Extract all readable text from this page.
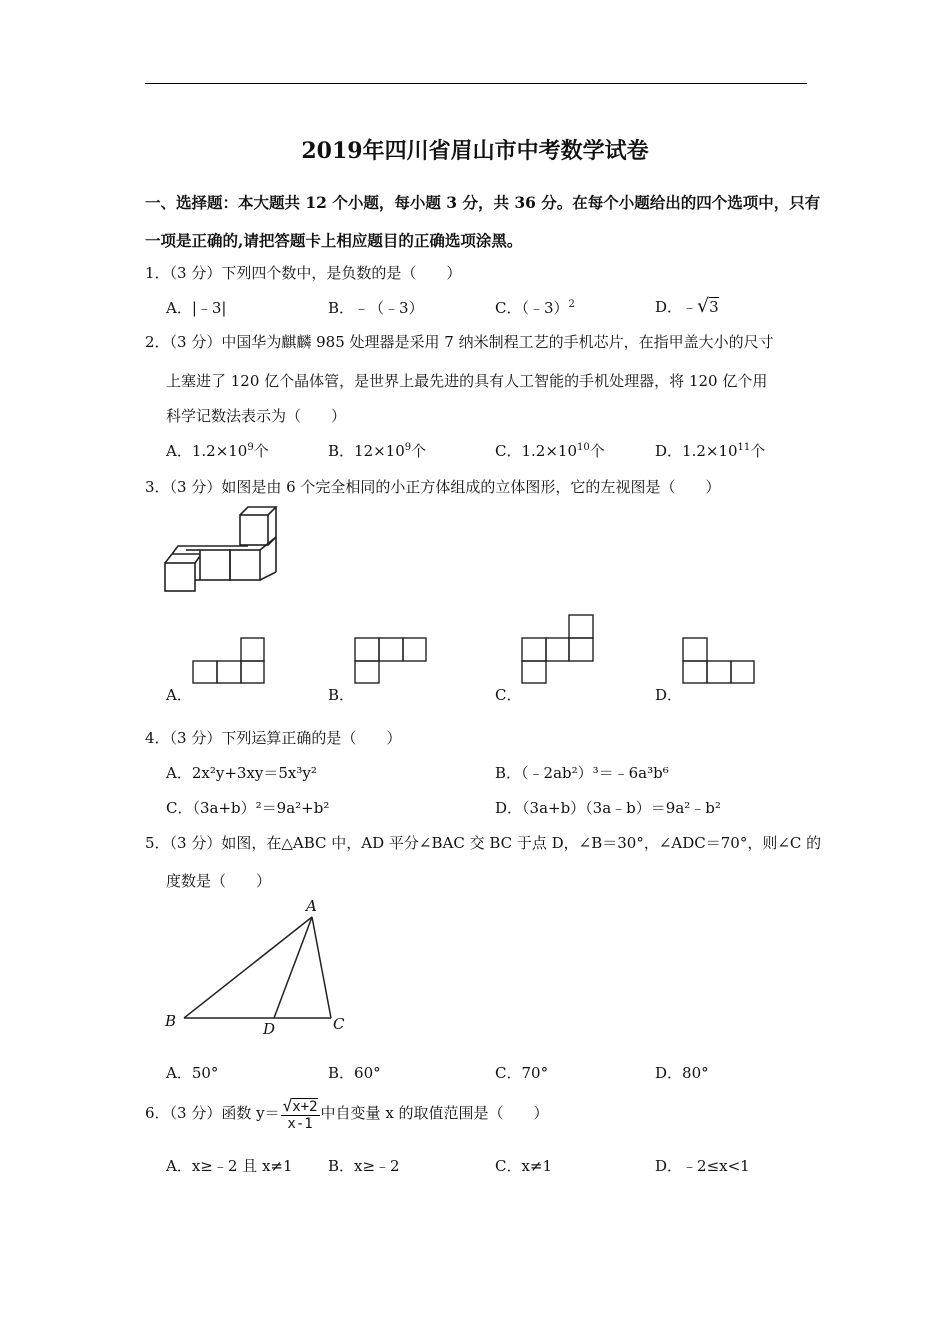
2019年四川省眉山市中考数学试卷
一、选择题：本大题共 12 个小题，每小题 3 分，共 36 分。在每个小题给出的四个选项中，只有
一项是正确的,请把答题卡上相应题目的正确选项涂黑。
1．（3 分）下列四个数中，是负数的是（　　）
A．|﹣3|	B．﹣（﹣3）	C．（﹣3）$^2$	D．﹣√3
2．（3 分）中国华为麒麟 985 处理器是采用 7 纳米制程工艺的手机芯片，在指甲盖大小的尺寸
上塞进了 120 亿个晶体管，是世界上最先进的具有人工智能的手机处理器，将 120 亿个用
科学记数法表示为（　　）
A．$1.2\times 10^9$个	B．$12\times 10^9$个	C．$1.2\times 10^{10}$个	D．$1.2\times 10^{11}$个
3．（3 分）如图是由 6 个完全相同的小正方体组成的立体图形，它的左视图是（　　）
A．	B．	C．	D．
4．（3 分）下列运算正确的是（　　）
A．2x²y+3xy＝5x³y²	B．（﹣2ab²）³＝﹣6a³b⁶
C．（3a+b）²＝9a²+b²	D．（3a+b）（3a﹣b）＝9a²﹣b²
5．（3 分）如图，在△ABC 中，AD 平分∠BAC 交 BC 于点 D，∠B＝30°，∠ADC＝70°，则∠C 的
度数是（　　）
A
B	C
D
A．50°	B．60°	C．70°	D．80°
6．（3 分）函数 $y= \frac{√x+2}{x-1}$ 中自变量 x 的取值范围是（　　）
A．x≥﹣2 且 x≠1 B．x≥﹣2	C．x≠1	D．﹣2≤x<1
